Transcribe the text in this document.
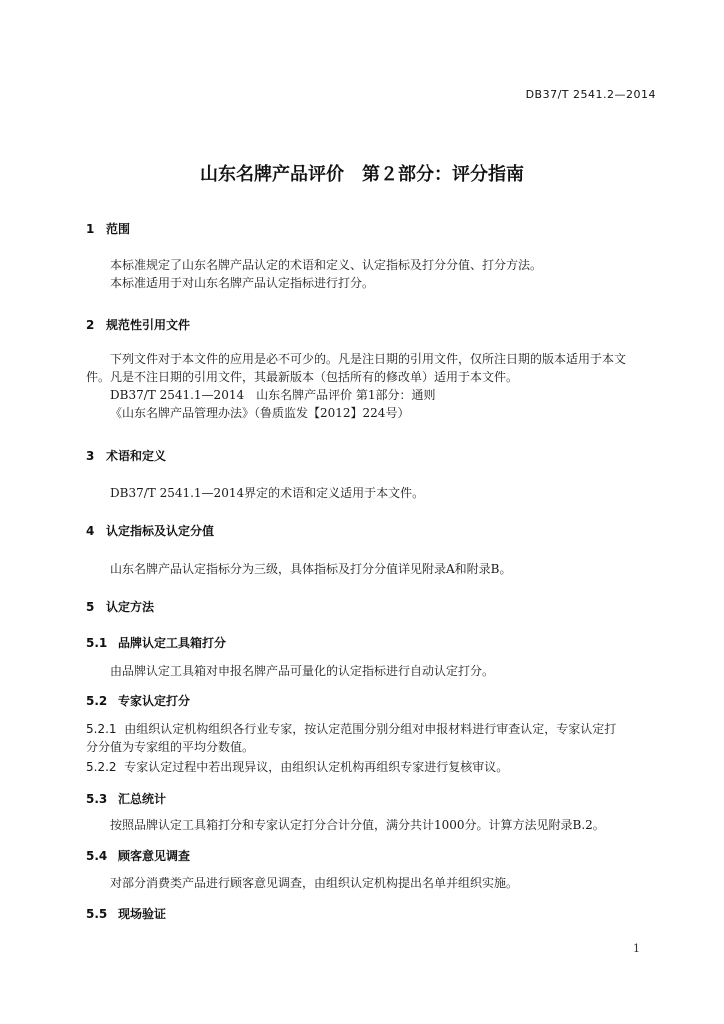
DB37/T 2541.2—2014
山东名牌产品评价　第２部分：评分指南
1 范围
本标准规定了山东名牌产品认定的术语和定义、认定指标及打分分值、打分方法。
本标准适用于对山东名牌产品认定指标进行打分。
2 规范性引用文件
下列文件对于本文件的应用是必不可少的。凡是注日期的引用文件，仅所注日期的版本适用于本文
件。凡是不注日期的引用文件，其最新版本（包括所有的修改单）适用于本文件。
DB37/T 2541.1—2014　山东名牌产品评价 第1部分：通则
《山东名牌产品管理办法》（鲁质监发【2012】224号）
3 术语和定义
DB37/T 2541.1—2014界定的术语和定义适用于本文件。
4 认定指标及认定分值
山东名牌产品认定指标分为三级，具体指标及打分分值详见附录A和附录B。
5 认定方法
5.1 品牌认定工具箱打分
由品牌认定工具箱对申报名牌产品可量化的认定指标进行自动认定打分。
5.2 专家认定打分
5.2.1 由组织认定机构组织各行业专家，按认定范围分别分组对申报材料进行审查认定，专家认定打
分分值为专家组的平均分数值。
5.2.2 专家认定过程中若出现异议，由组织认定机构再组织专家进行复核审议。
5.3 汇总统计
按照品牌认定工具箱打分和专家认定打分合计分值，满分共计1000分。计算方法见附录B.2。
5.4 顾客意见调查
对部分消费类产品进行顾客意见调查，由组织认定机构提出名单并组织实施。
5.5 现场验证
1
